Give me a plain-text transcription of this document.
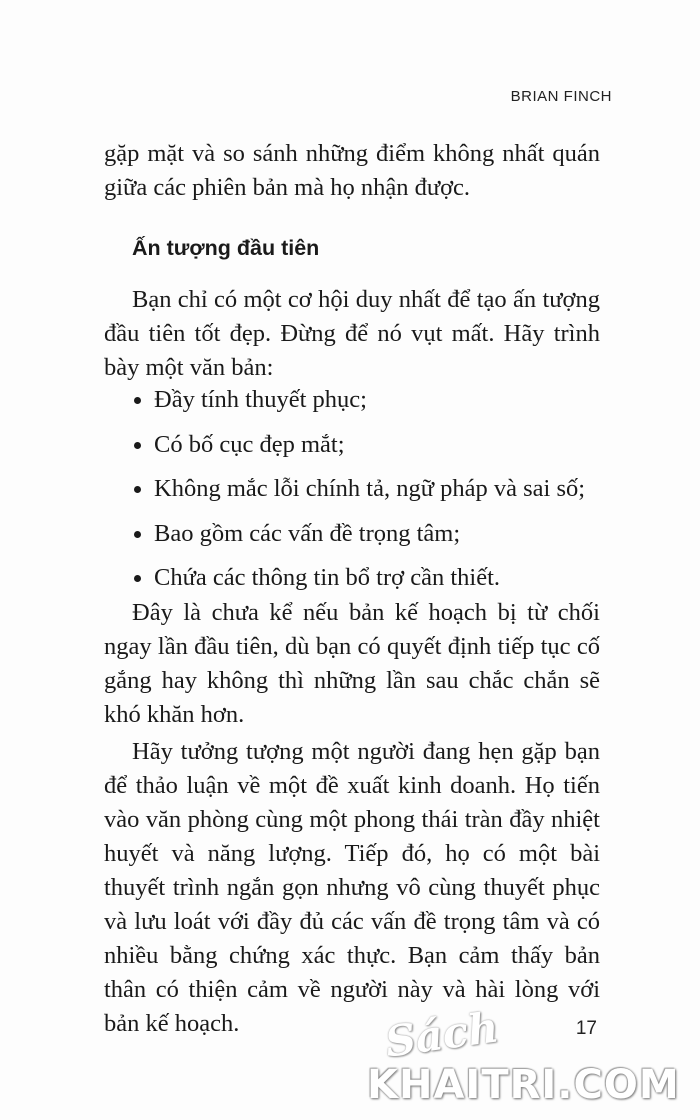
BRIAN FINCH
gặp mặt và so sánh những điểm không nhất quán giữa các phiên bản mà họ nhận được.
Ấn tượng đầu tiên
Bạn chỉ có một cơ hội duy nhất để tạo ấn tượng đầu tiên tốt đẹp. Đừng để nó vụt mất. Hãy trình bày một văn bản:
Đầy tính thuyết phục;
Có bố cục đẹp mắt;
Không mắc lỗi chính tả, ngữ pháp và sai số;
Bao gồm các vấn đề trọng tâm;
Chứa các thông tin bổ trợ cần thiết.
Đây là chưa kể nếu bản kế hoạch bị từ chối ngay lần đầu tiên, dù bạn có quyết định tiếp tục cố gắng hay không thì những lần sau chắc chắn sẽ khó khăn hơn.
Hãy tưởng tượng một người đang hẹn gặp bạn để thảo luận về một đề xuất kinh doanh. Họ tiến vào văn phòng cùng một phong thái tràn đầy nhiệt huyết và năng lượng. Tiếp đó, họ có một bài thuyết trình ngắn gọn nhưng vô cùng thuyết phục và lưu loát với đầy đủ các vấn đề trọng tâm và có nhiều bằng chứng xác thực. Bạn cảm thấy bản thân có thiện cảm về người này và hài lòng với bản kế hoạch.	17
Sách
KHAITRI.COM
